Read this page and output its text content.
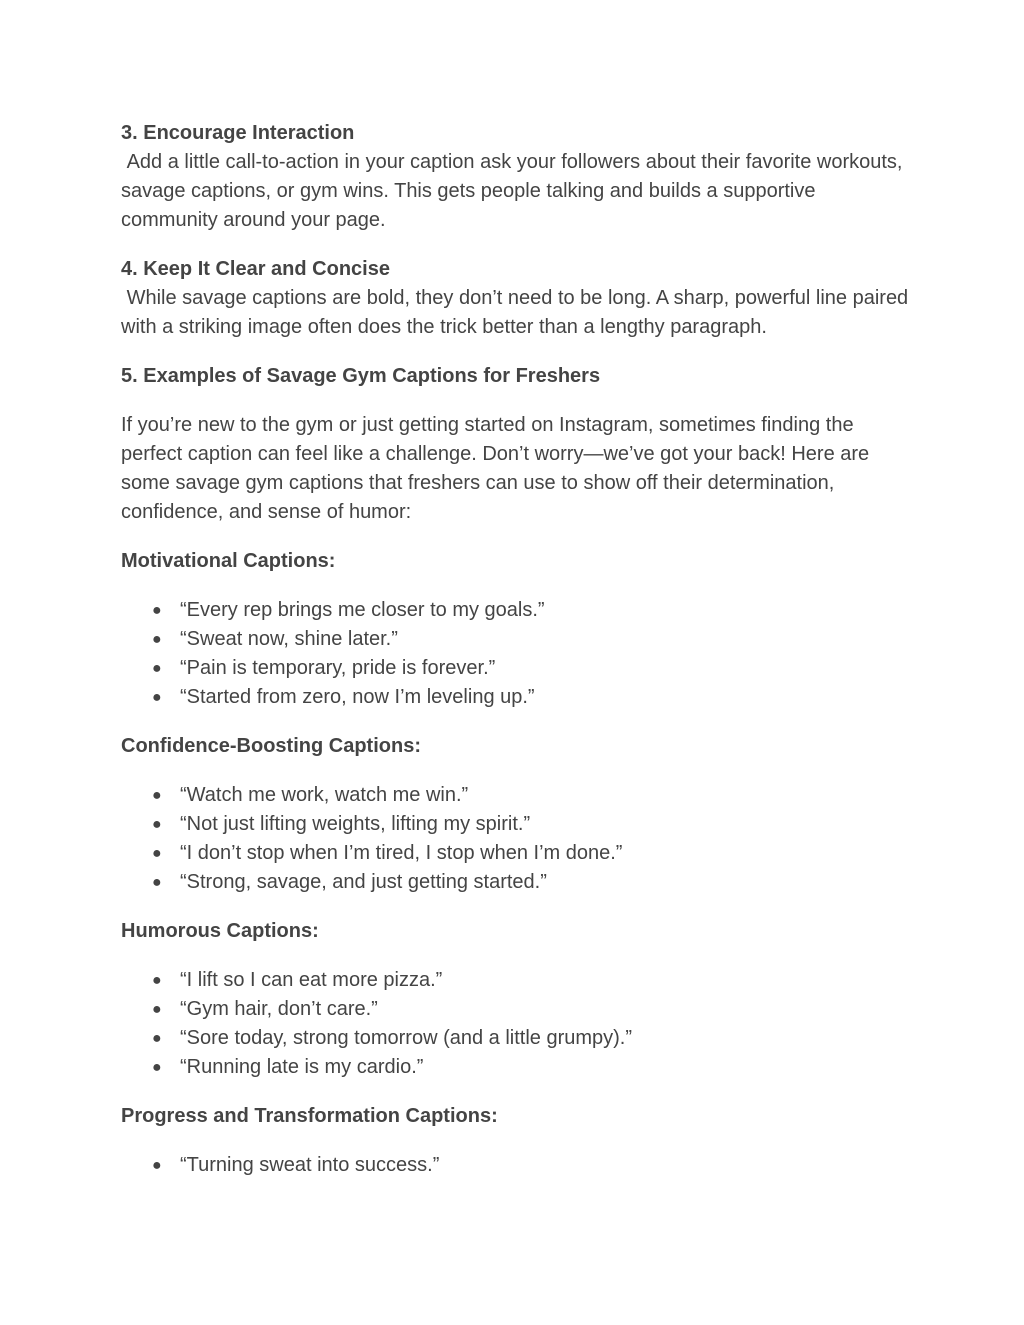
3. Encourage Interaction

Add a little call-to-action in your caption ask your followers about their favorite workouts, savage captions, or gym wins. This gets people talking and builds a supportive community around your page.

4. Keep It Clear and Concise

While savage captions are bold, they don’t need to be long. A sharp, powerful line paired with a striking image often does the trick better than a lengthy paragraph.

5. Examples of Savage Gym Captions for Freshers

If you’re new to the gym or just getting started on Instagram, sometimes finding the perfect caption can feel like a challenge. Don’t worry—we’ve got your back! Here are some savage gym captions that freshers can use to show off their determination, confidence, and sense of humor:

Motivational Captions:

● “Every rep brings me closer to my goals.”
● “Sweat now, shine later.”
● “Pain is temporary, pride is forever.”
● “Started from zero, now I’m leveling up.”

Confidence-Boosting Captions:

● “Watch me work, watch me win.”
● “Not just lifting weights, lifting my spirit.”
● “I don’t stop when I’m tired, I stop when I’m done.”
● “Strong, savage, and just getting started.”

Humorous Captions:

● “I lift so I can eat more pizza.”
● “Gym hair, don’t care.”
● “Sore today, strong tomorrow (and a little grumpy).”
● “Running late is my cardio.”

Progress and Transformation Captions:

● “Turning sweat into success.”
